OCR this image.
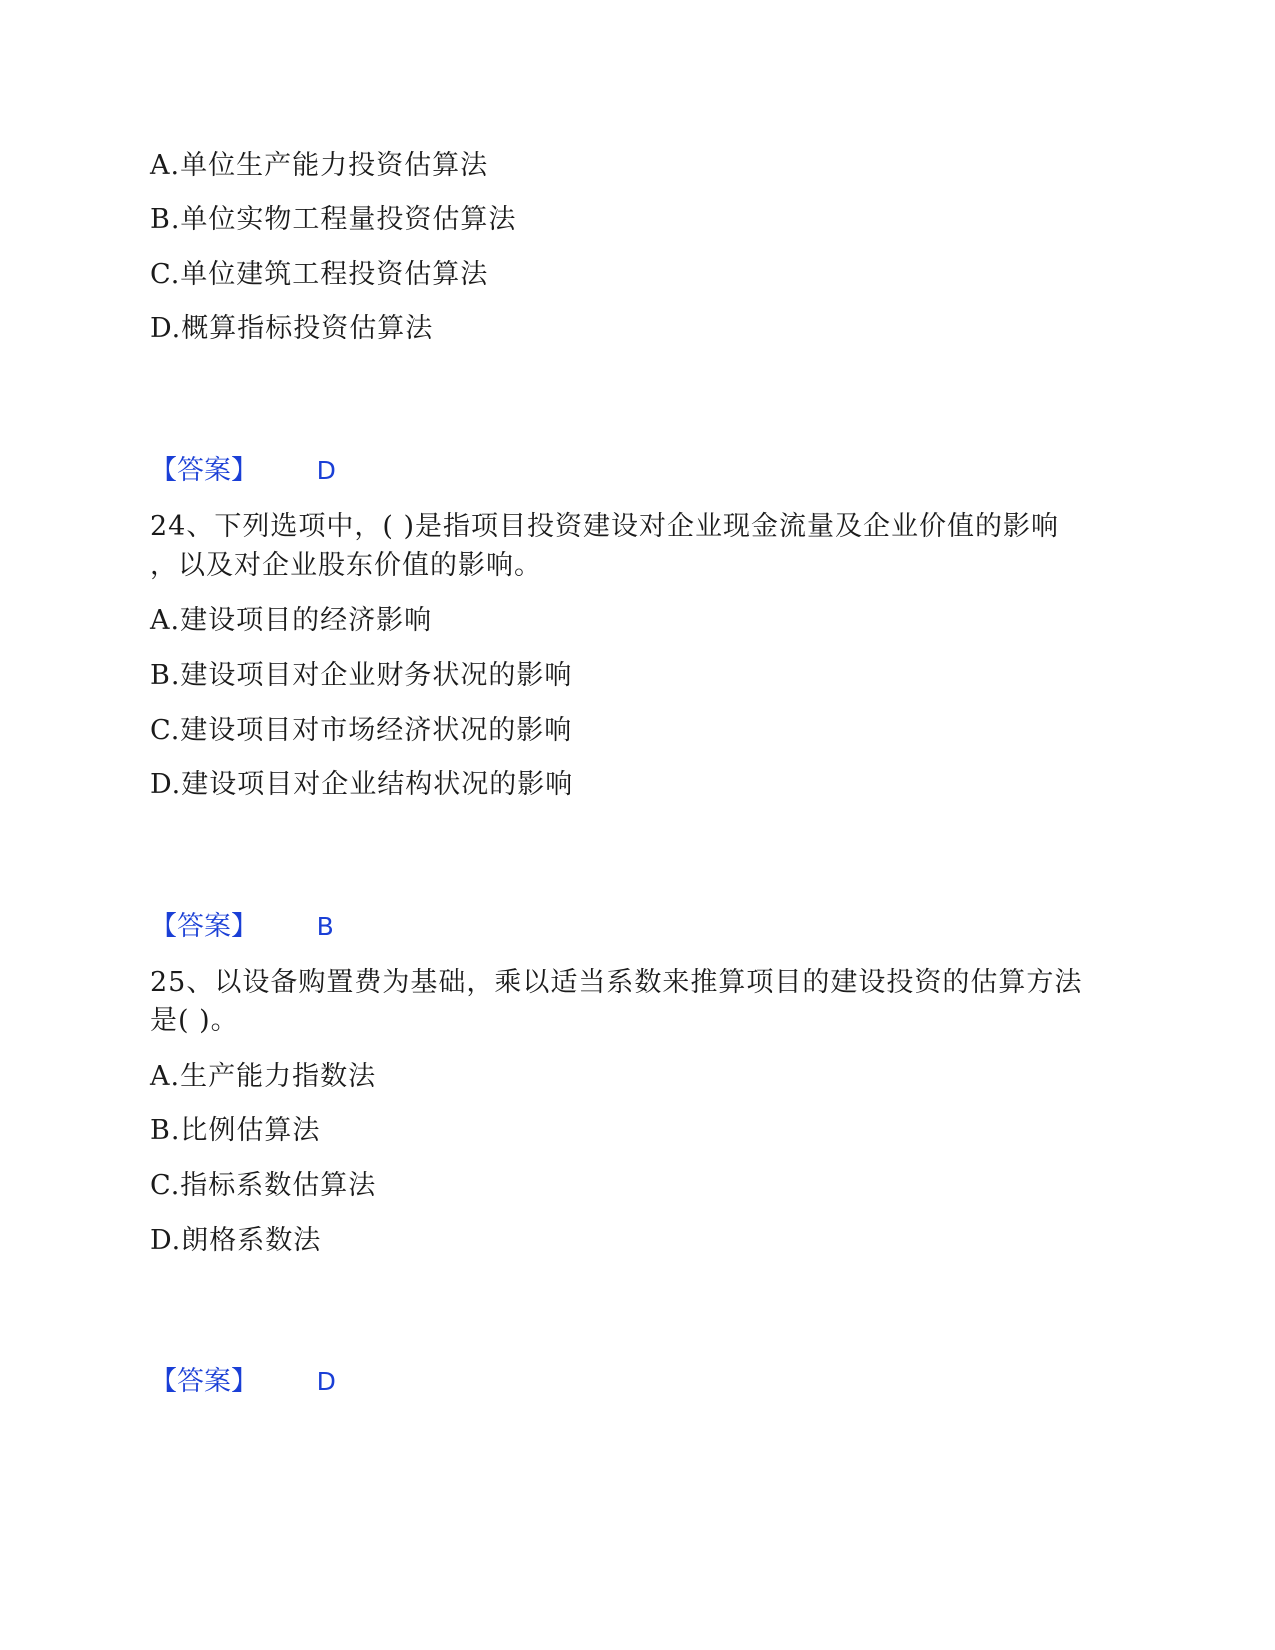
A.单位生产能力投资估算法
B.单位实物工程量投资估算法
C.单位建筑工程投资估算法
D.概算指标投资估算法
【答案】 D
24、下列选项中，( )是指项目投资建设对企业现金流量及企业价值的影响
，以及对企业股东价值的影响。
A.建设项目的经济影响
B.建设项目对企业财务状况的影响
C.建设项目对市场经济状况的影响
D.建设项目对企业结构状况的影响
【答案】 B
25、以设备购置费为基础，乘以适当系数来推算项目的建设投资的估算方法
是( )。
A.生产能力指数法
B.比例估算法
C.指标系数估算法
D.朗格系数法
【答案】 D
